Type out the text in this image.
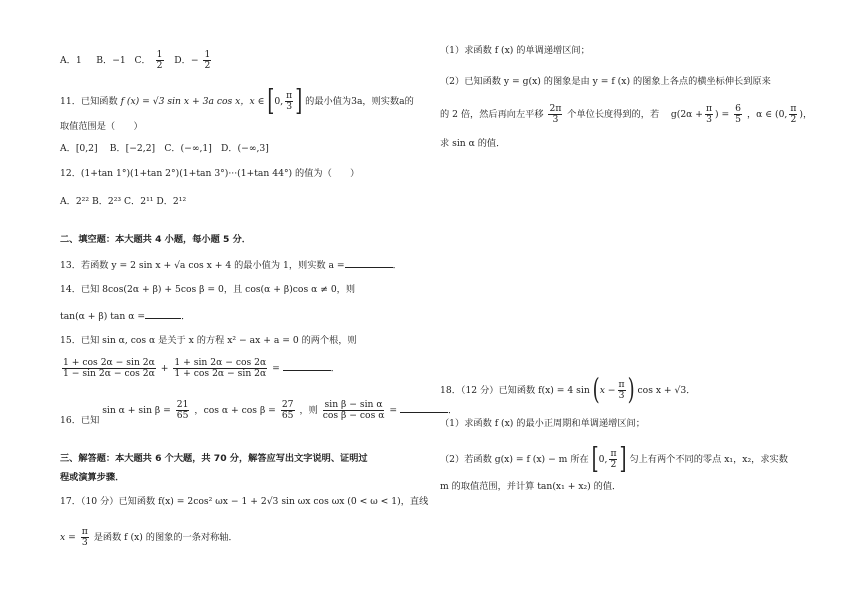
A．1 B．−1 C． $\frac{1}{2}$ D．− $\frac{1}{2}$
11．已知函数 f (x) = √3 sin x + 3a cos x，x ∈ [0, $\frac{\pi}{3}$ ] 的最小值为3a，则实数a的
取值范围是（　　）
A．[0,2]　 B．[−2,2]　C．(−∞,1]　D．(−∞,3]
12．(1+tan 1°)(1+tan 2°)(1+tan 3°)···(1+tan 44°) 的值为（　　）
A．2²² B．2²³ C．2¹¹ D．2¹²
二、填空题：本大题共 4 小题，每小题 5 分．
13．若函数 y = 2 sin x + √a cos x + 4 的最小值为 1，则实数 a =	．
14．已知 8cos(2α + β) + 5cos β = 0，且 cos(α + β)cos α ≠ 0，则
tan(α + β) tan α =	．
15．已知 sin α, cos α 是关于 x 的方程 x² − ax + a = 0 的两个根，则
$\frac{1 + \cos 2\alpha - \sin 2\alpha}{1 - \sin 2\alpha - \cos 2\alpha} + \frac{1 + \sin 2\alpha - \cos 2\alpha}{1 + \cos 2\alpha - \sin 2\alpha}$ =	．
16．已知 $\sin \alpha + \sin \beta = \frac{21}{65}$ ，$\cos \alpha + \cos \beta = \frac{27}{65}$ ，则 $\frac{\text{sin β − sin α}}{\text{cos β − cos α}}$ =	．
三、解答题：本大题共 6 个大题，共 70 分，解答应写出文字说明、证明过
程或演算步骤．
17．（10 分）已知函数 f(x) = 2cos² ωx − 1 + 2√3 sin ωx cos ωx (0 < ω < 1)，直线
$x = \frac{\pi}{3}$ 是函数 f (x) 的图象的一条对称轴．
（1）求函数 f (x) 的单调递增区间；
（2）已知函数 y = g(x) 的图象是由 y = f (x) 的图象上各点的横坐标伸长到原来
的 2 倍，然后再向左平移 $\frac{2\pi}{3}$ 个单位长度得到的，若 $g(2\alpha + \frac{\pi}{3}$ ) = $\frac{6}{5}$ ，α ∈ (0, $\frac{\pi}{2}$ )，
求 sin α 的值．
18．（12 分）已知函数 f(x) = 4 $\sin (x - \frac{\pi}{3}$ ) cos x + √3．
（1）求函数 f (x) 的最小正周期和单调递增区间；
（2）若函数 g(x) = f (x) − m 所在 [0, $\frac{\pi}{2}$ ] 匀上有两个不同的零点 x₁，x₂，求实数
m 的取值范围，并计算 tan(x₁ + x₂) 的值．
